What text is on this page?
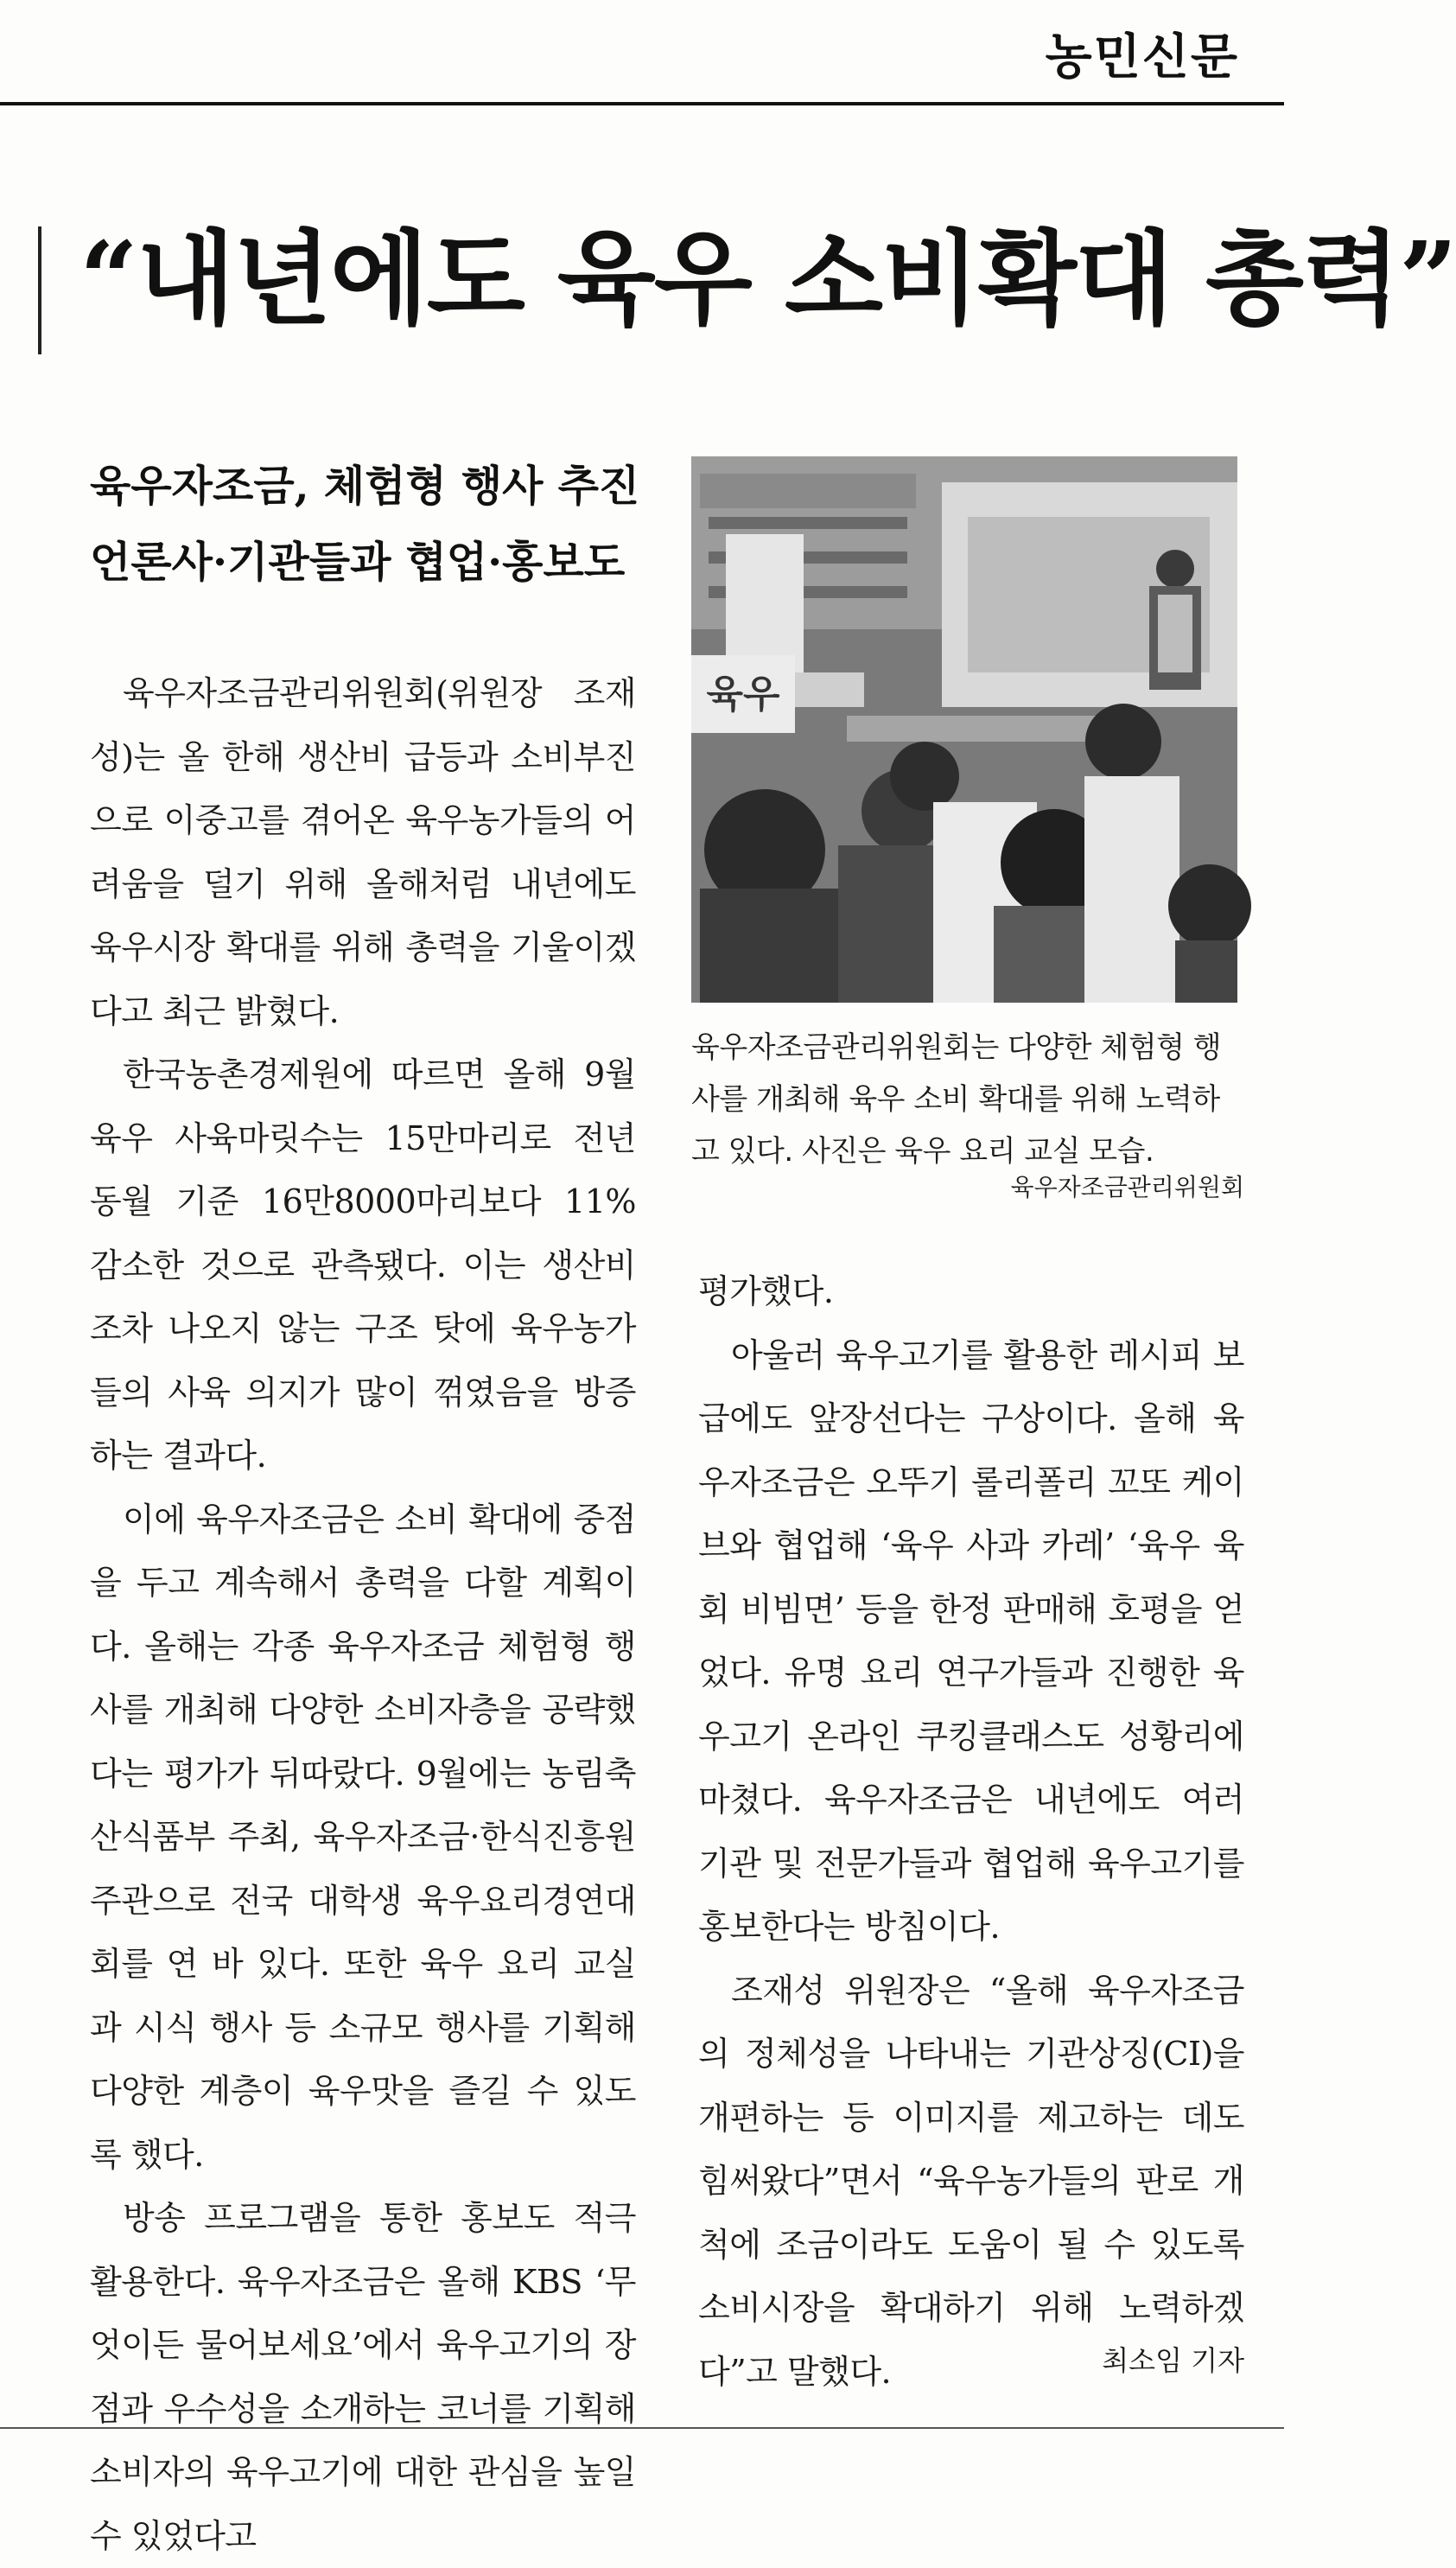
농민신문
“내년에도 육우 소비확대 총력”
육우자조금, 체험형 행사 추진
언론사·기관들과 협업·홍보도

육우자조금관리위원회(위원장 조재성)는 올 한해 생산비 급등과 소비부진으로 이중고를 겪어온 육우농가들의 어려움을 덜기 위해 올해처럼 내년에도 육우시장 확대를 위해 총력을 기울이겠다고 최근 밝혔다.

한국농촌경제원에 따르면 올해 9월 육우 사육마릿수는 15만마리로 전년 동월 기준 16만8000마리보다 11% 감소한 것으로 관측됐다. 이는 생산비조차 나오지 않는 구조 탓에 육우농가들의 사육 의지가 많이 꺾였음을 방증하는 결과다.

이에 육우자조금은 소비 확대에 중점을 두고 계속해서 총력을 다할 계획이다. 올해는 각종 육우자조금 체험형 행사를 개최해 다양한 소비자층을 공략했다는 평가가 뒤따랐다. 9월에는 농림축산식품부 주최, 육우자조금·한식진흥원 주관으로 전국 대학생 육우요리경연대회를 연 바 있다. 또한 육우 요리 교실과 시식 행사 등 소규모 행사를 기획해 다양한 계층이 육우맛을 즐길 수 있도록 했다.

방송 프로그램을 통한 홍보도 적극 활용한다. 육우자조금은 올해 KBS ‘무엇이든 물어보세요’에서 육우고기의 장점과 우수성을 소개하는 코너를 기획해 소비자의 육우고기에 대한 관심을 높일 수 있었다고

육우
육우자조금관리위원회는 다양한 체험형 행사를 개최해 육우 소비 확대를 위해 노력하고 있다. 사진은 육우 요리 교실 모습.
육우자조금관리위원회

평가했다.

아울러 육우고기를 활용한 레시피 보급에도 앞장선다는 구상이다. 올해 육우자조금은 오뚜기 롤리폴리 꼬또 케이브와 협업해 ‘육우 사과 카레’ ‘육우 육회 비빔면’ 등을 한정 판매해 호평을 얻었다. 유명 요리 연구가들과 진행한 육우고기 온라인 쿠킹클래스도 성황리에 마쳤다. 육우자조금은 내년에도 여러 기관 및 전문가들과 협업해 육우고기를 홍보한다는 방침이다.

조재성 위원장은 “올해 육우자조금의 정체성을 나타내는 기관상징(CI)을 개편하는 등 이미지를 제고하는 데도 힘써왔다”면서 “육우농가들의 판로 개척에 조금이라도 도움이 될 수 있도록 소비시장을 확대하기 위해 노력하겠다”고 말했다.	최소임 기자
